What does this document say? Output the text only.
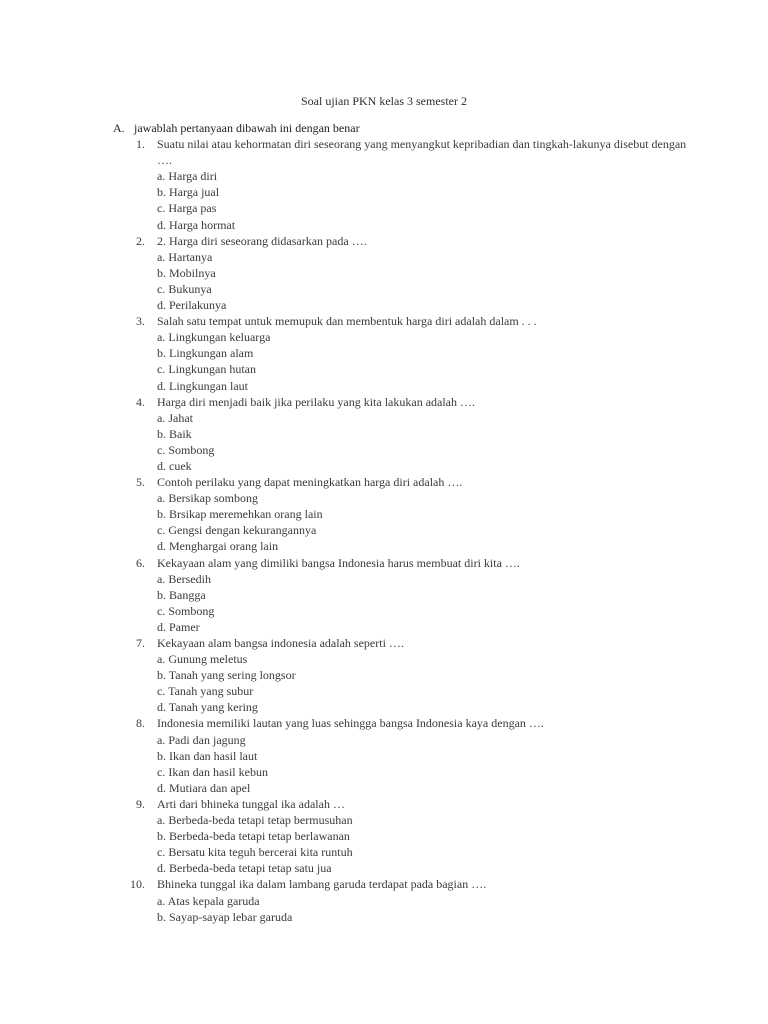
Soal ujian PKN kelas 3 semester 2
A. jawablah pertanyaan dibawah ini dengan benar
1. Suatu nilai atau kehormatan diri seseorang yang menyangkut kepribadian dan tingkah-lakunya disebut dengan ….
a. Harga diri
b. Harga jual
c. Harga pas
d. Harga hormat
2. 2. Harga diri seseorang didasarkan pada ….
a. Hartanya
b. Mobilnya
c. Bukunya
d. Perilakunya
3. Salah satu tempat untuk memupuk dan membentuk harga diri adalah dalam . . .
a. Lingkungan keluarga
b. Lingkungan alam
c. Lingkungan hutan
d. Lingkungan laut
4. Harga diri menjadi baik jika perilaku yang kita lakukan adalah ….
a. Jahat
b. Baik
c. Sombong
d. cuek
5. Contoh perilaku yang dapat meningkatkan harga diri adalah ….
a. Bersikap sombong
b. Brsikap meremehkan orang lain
c. Gengsi dengan kekurangannya
d. Menghargai orang lain
6. Kekayaan alam yang dimiliki bangsa Indonesia harus membuat diri kita ….
a. Bersedih
b. Bangga
c. Sombong
d. Pamer
7. Kekayaan alam bangsa indonesia adalah seperti ….
a. Gunung meletus
b. Tanah yang sering longsor
c. Tanah yang subur
d. Tanah yang kering
8. Indonesia memiliki lautan yang luas sehingga bangsa Indonesia kaya dengan ….
a. Padi dan jagung
b. Ikan dan hasil laut
c. Ikan dan hasil kebun
d. Mutiara dan apel
9. Arti dari bhineka tunggal ika adalah …
a. Berbeda-beda tetapi tetap bermusuhan
b. Berbeda-beda tetapi tetap berlawanan
c. Bersatu kita teguh bercerai kita runtuh
d. Berbeda-beda tetapi tetap satu jua
10. Bhineka tunggal ika dalam lambang garuda terdapat pada bagian ….
a. Atas kepala garuda
b. Sayap-sayap lebar garuda
